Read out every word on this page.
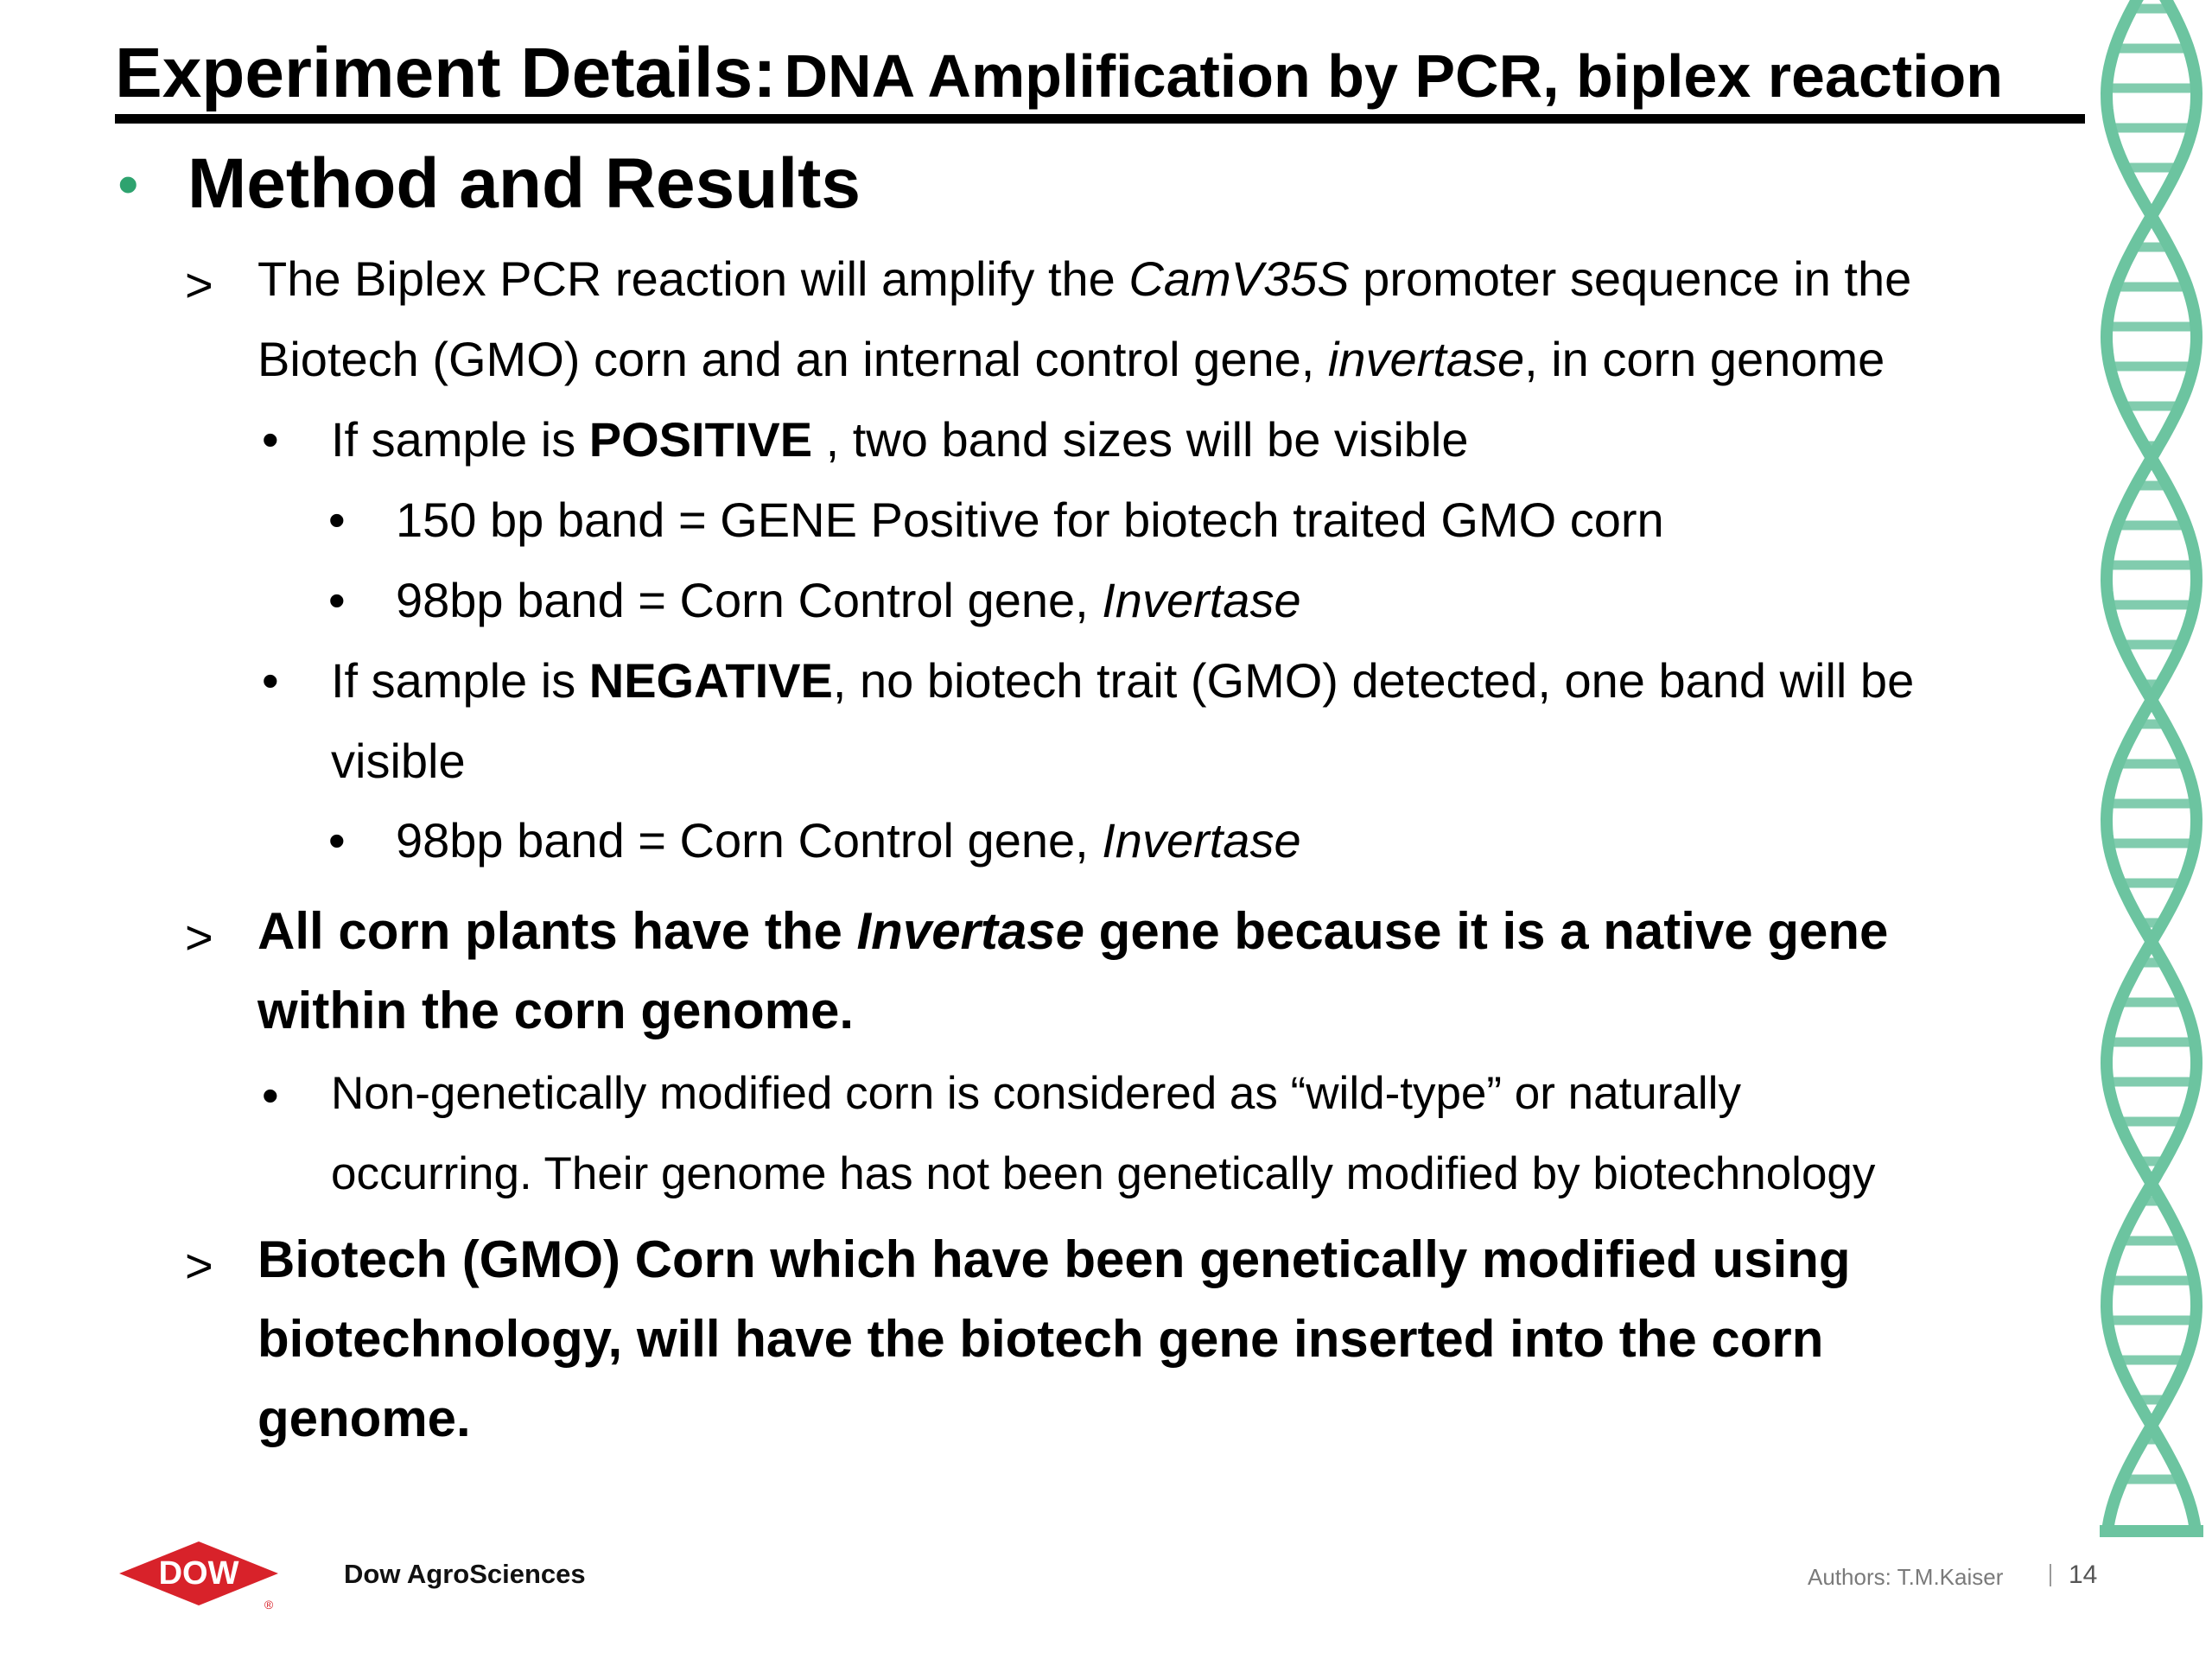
Experiment Details: DNA Amplification by PCR, biplex reaction
• Method and Results

> The Biplex PCR reaction will amplify the CamV35S promoter sequence in the

Biotech (GMO) corn and an internal control gene, invertase, in corn genome

• If sample is POSITIVE , two band sizes will be visible

• 150 bp band = GENE Positive for biotech traited GMO corn

• 98bp band = Corn Control gene, Invertase

• If sample is NEGATIVE, no biotech trait (GMO) detected, one band will be

visible

• 98bp band = Corn Control gene, Invertase

> All corn plants have the Invertase gene because it is a native gene

within the corn genome.

• Non-genetically modified corn is considered as “wild-type” or naturally

occurring. Their genome has not been genetically modified by biotechnology

> Biotech (GMO) Corn which have been genetically modified using

biotechnology, will have the biotech gene inserted into the corn

genome.

DOW
®
Dow AgroSciences	Authors: T.M.Kaiser	14
